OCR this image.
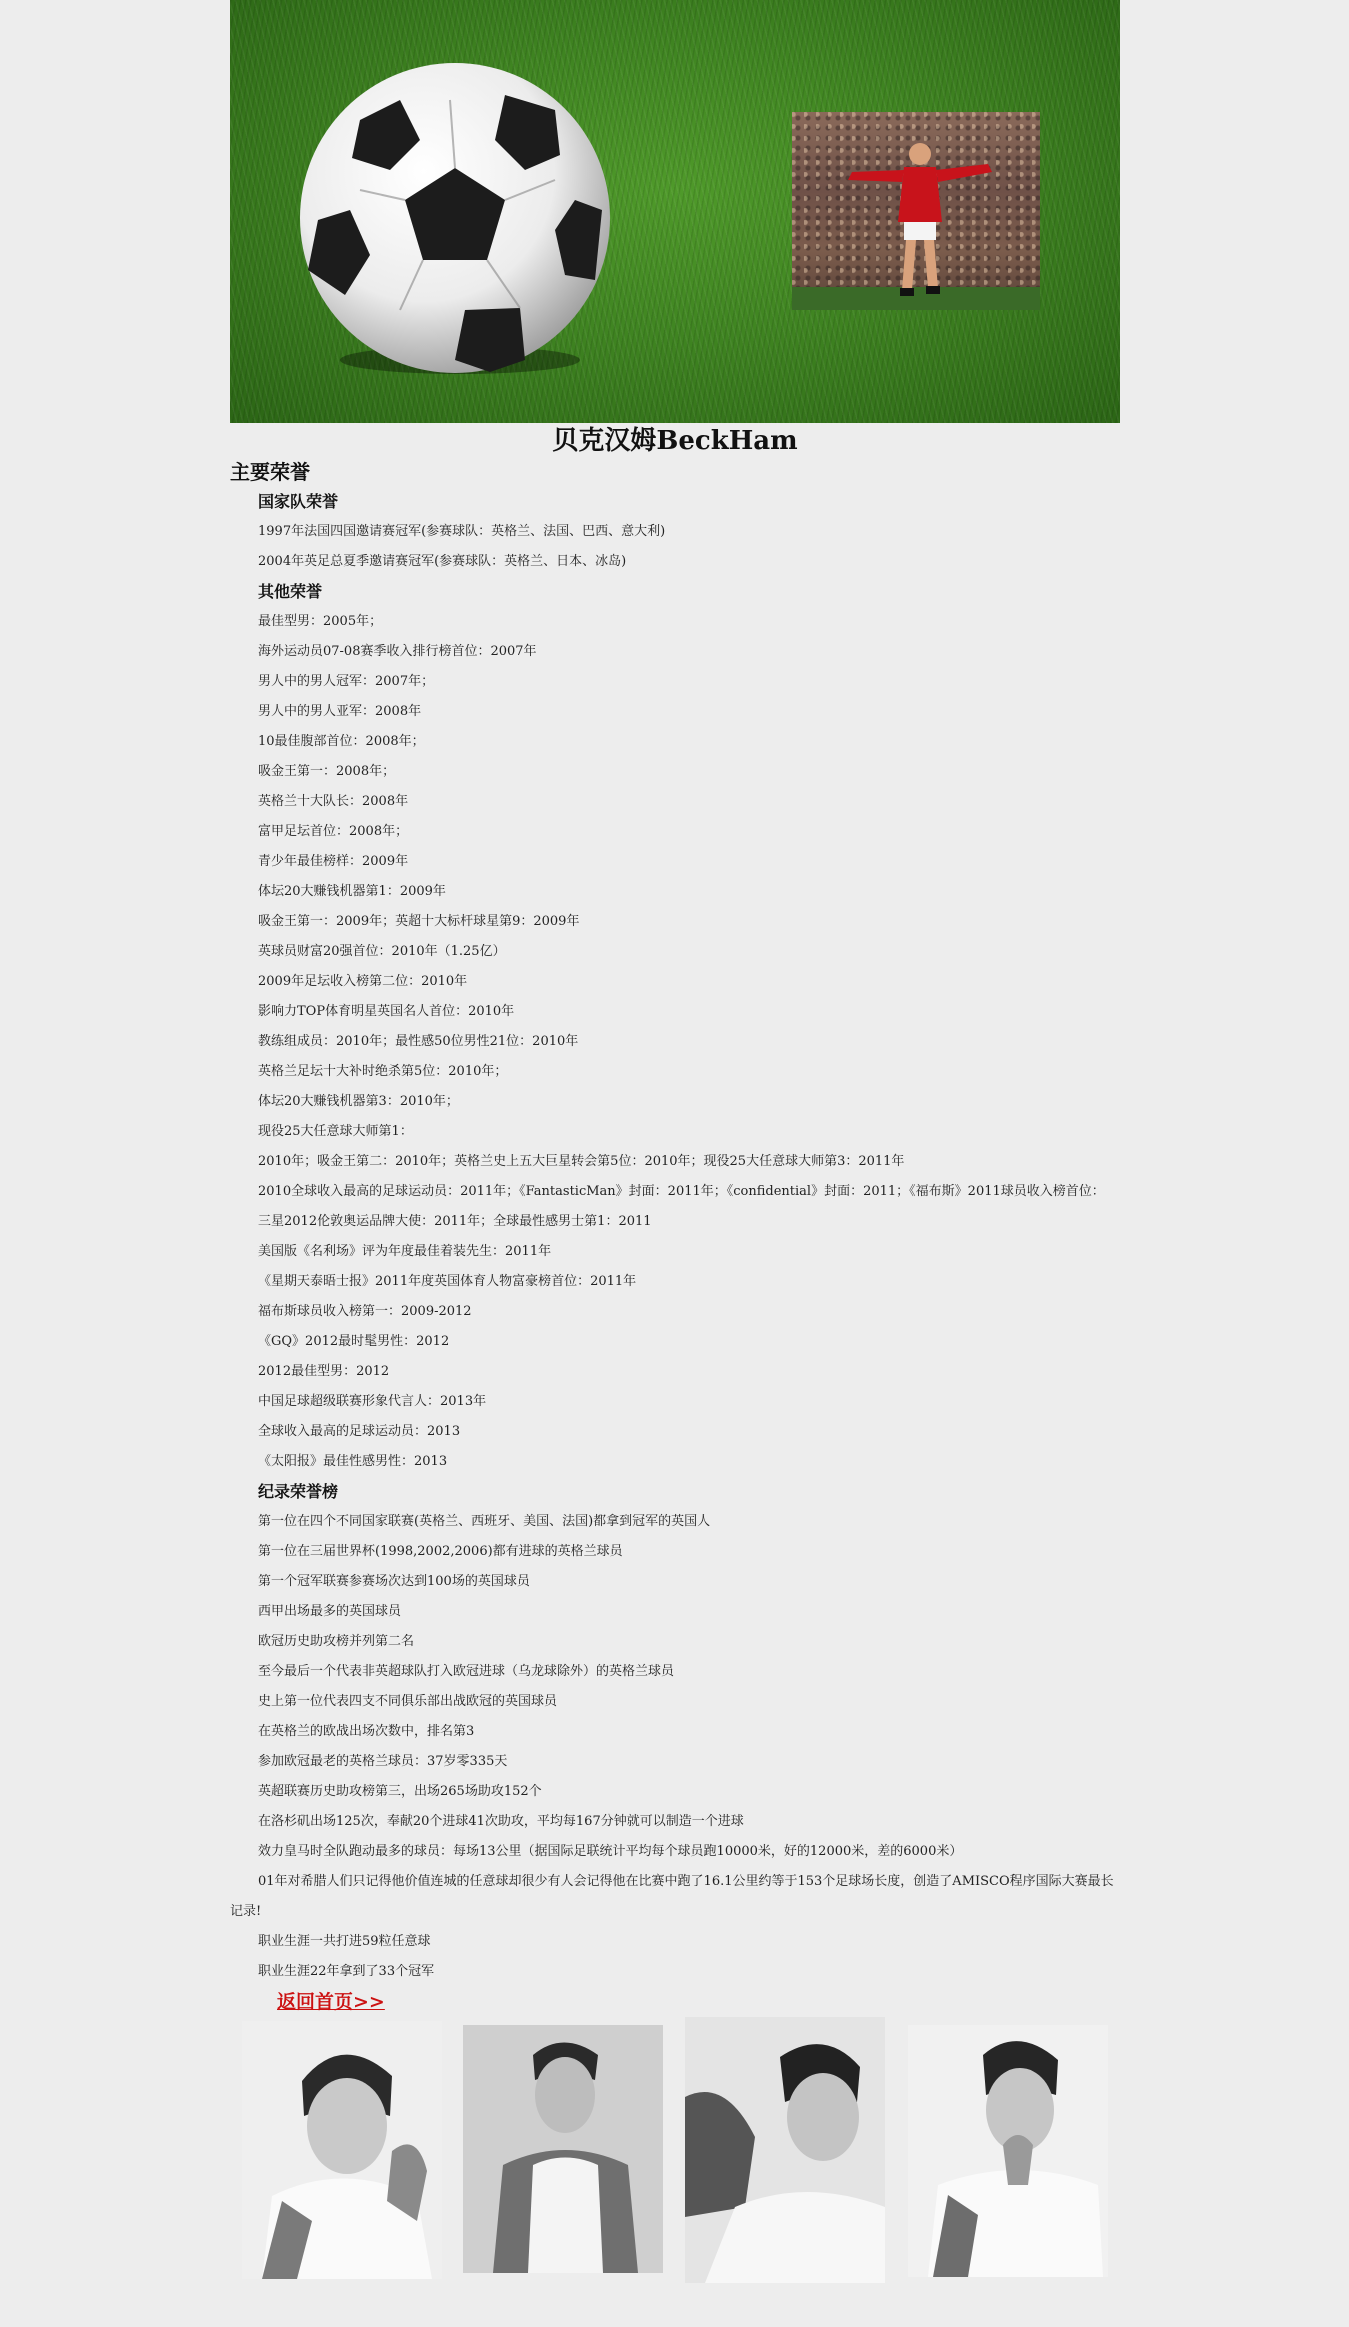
贝克汉姆BeckHam
主要荣誉
国家队荣誉
1997年法国四国邀请赛冠军(参赛球队：英格兰、法国、巴西、意大利)
2004年英足总夏季邀请赛冠军(参赛球队：英格兰、日本、冰岛)
其他荣誉
最佳型男：2005年；
海外运动员07-08赛季收入排行榜首位：2007年
男人中的男人冠军：2007年；
男人中的男人亚军：2008年
10最佳腹部首位：2008年；
吸金王第一：2008年；
英格兰十大队长：2008年
富甲足坛首位：2008年；
青少年最佳榜样：2009年
体坛20大赚钱机器第1：2009年
吸金王第一：2009年；英超十大标杆球星第9：2009年
英球员财富20强首位：2010年（1.25亿）
2009年足坛收入榜第二位：2010年
影响力TOP体育明星英国名人首位：2010年
教练组成员：2010年；最性感50位男性21位：2010年
英格兰足坛十大补时绝杀第5位：2010年；
体坛20大赚钱机器第3：2010年；
现役25大任意球大师第1：
2010年；吸金王第二：2010年；英格兰史上五大巨星转会第5位：2010年；现役25大任意球大师第3：2011年
2010全球收入最高的足球运动员：2011年；《FantasticMan》封面：2011年；《confidential》封面：2011；《福布斯》2011球员收入榜首位：
三星2012伦敦奥运品牌大使：2011年；全球最性感男士第1：2011
美国版《名利场》评为年度最佳着装先生：2011年
《星期天泰晤士报》2011年度英国体育人物富豪榜首位：2011年
福布斯球员收入榜第一：2009-2012
《GQ》2012最时髦男性：2012
2012最佳型男：2012
中国足球超级联赛形象代言人：2013年
全球收入最高的足球运动员：2013
《太阳报》最佳性感男性：2013
纪录荣誉榜
第一位在四个不同国家联赛(英格兰、西班牙、美国、法国)都拿到冠军的英国人
第一位在三届世界杯(1998,2002,2006)都有进球的英格兰球员
第一个冠军联赛参赛场次达到100场的英国球员
西甲出场最多的英国球员
欧冠历史助攻榜并列第二名
至今最后一个代表非英超球队打入欧冠进球（乌龙球除外）的英格兰球员
史上第一位代表四支不同俱乐部出战欧冠的英国球员
在英格兰的欧战出场次数中，排名第3
参加欧冠最老的英格兰球员：37岁零335天
英超联赛历史助攻榜第三，出场265场助攻152个
在洛杉矶出场125次，奉献20个进球41次助攻，平均每167分钟就可以制造一个进球
效力皇马时全队跑动最多的球员：每场13公里（据国际足联统计平均每个球员跑10000米，好的12000米，差的6000米）
01年对希腊人们只记得他价值连城的任意球却很少有人会记得他在比赛中跑了16.1公里约等于153个足球场长度，创造了AMISCO程序国际大赛最长记录!
职业生涯一共打进59粒任意球
职业生涯22年拿到了33个冠军
返回首页>>
